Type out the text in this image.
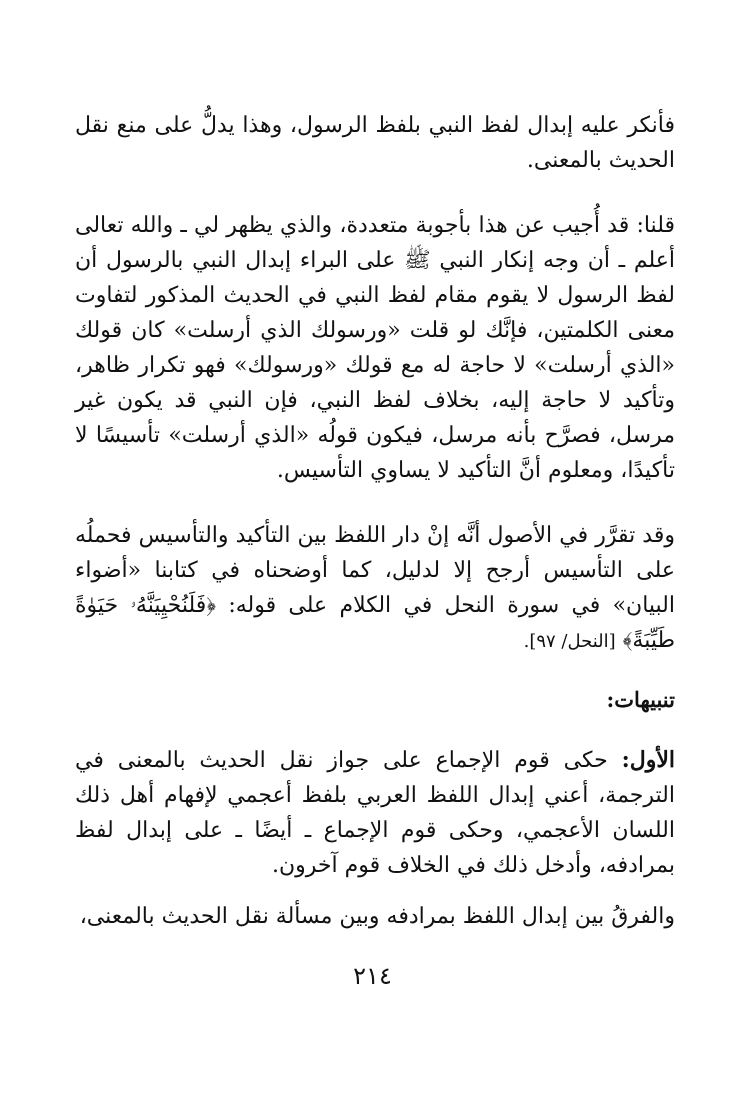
فأنكر عليه إبدال لفظ النبي بلفظ الرسول، وهذا يدلُّ على منع نقل الحديث بالمعنى.

قلنا: قد أُجيب عن هذا بأجوبة متعددة، والذي يظهر لي ـ والله تعالى أعلم ـ أن وجه إنكار النبي ﷺ على البراء إبدال النبي بالرسول أن لفظ الرسول لا يقوم مقام لفظ النبي في الحديث المذكور لتفاوت معنى الكلمتين، فإنَّك لو قلت «ورسولك الذي أرسلت» كان قولك «الذي أرسلت» لا حاجة له مع قولك «ورسولك» فهو تكرار ظاهر، وتأكيد لا حاجة إليه، بخلاف لفظ النبي، فإن النبي قد يكون غير مرسل، فصرَّح بأنه مرسل، فيكون قولُه «الذي أرسلت» تأسيسًا لا تأكيدًا، ومعلوم أنَّ التأكيد لا يساوي التأسيس.

وقد تقرَّر في الأصول أنَّه إنْ دار اللفظ بين التأكيد والتأسيس فحملُه على التأسيس أرجح إلا لدليل، كما أوضحناه في كتابنا «أضواء البيان» في سورة النحل في الكلام على قوله: ﴿فَلَنُحْيِيَنَّهُۥ حَيَوٰةً طَيِّبَةً﴾ [النحل/ ٩٧].

تنبيهات:

الأول: حكى قوم الإجماع على جواز نقل الحديث بالمعنى في الترجمة، أعني إبدال اللفظ العربي بلفظ أعجمي لإفهام أهل ذلك اللسان الأعجمي، وحكى قوم الإجماع ـ أيضًا ـ على إبدال لفظ بمرادفه، وأدخل ذلك في الخلاف قوم آخرون.

والفرقُ بين إبدال اللفظ بمرادفه وبين مسألة نقل الحديث بالمعنى،

٢١٤
